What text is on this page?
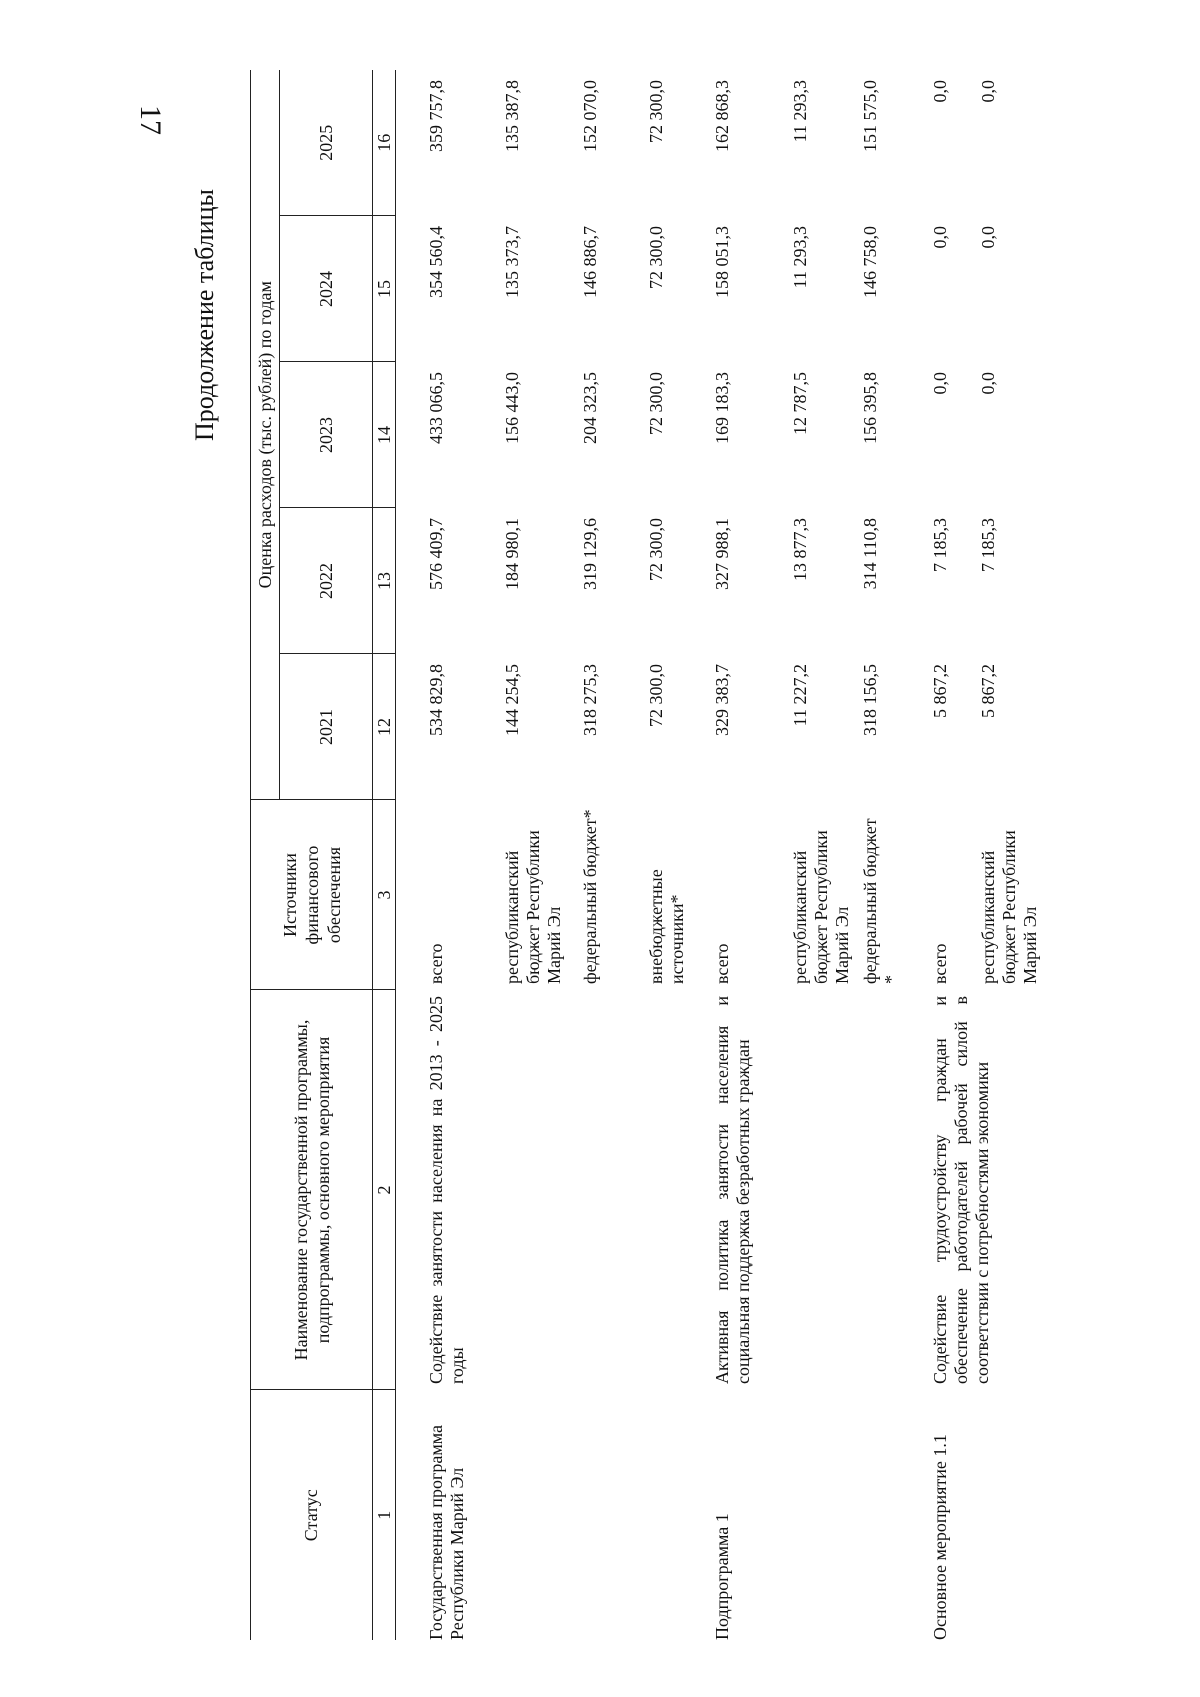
17
Продолжение таблицы
Статус	Наименование государственной программы, подпрограммы, основного мероприятия	Источники финансового обеспечения	Оценка расходов (тыс. рублей) по годам				
			2021	2022	2023	2024	2025
1	2	3	12	13	14	15	16

Государственная программа Республики Марий Эл	Содействие занятости населения на 2013 - 2025 годы	всего	534 829,8	576 409,7	433 066,5	354 560,4	359 757,8
		республиканский бюджет Республики Марий Эл	144 254,5	184 980,1	156 443,0	135 373,7	135 387,8
		федеральный бюджет*	318 275,3	319 129,6	204 323,5	146 886,7	152 070,0
		внебюджетные источники*	72 300,0	72 300,0	72 300,0	72 300,0	72 300,0
Подпрограмма 1	Активная политика занятости населения и социальная поддержка безработных граждан	всего	329 383,7	327 988,1	169 183,3	158 051,3	162 868,3
		республиканский бюджет Республики Марий Эл	11 227,2	13 877,3	12 787,5	11 293,3	11 293,3
		федеральный бюджет *	318 156,5	314 110,8	156 395,8	146 758,0	151 575,0
Основное мероприятие 1.1	Содействие трудоустройству граждан и обеспечение работодателей рабочей силой в соответствии с потребностями экономики	всего	5 867,2	7 185,3	0,0	0,0	0,0
		республиканский бюджет Республики Марий Эл	5 867,2	7 185,3	0,0	0,0	0,0
